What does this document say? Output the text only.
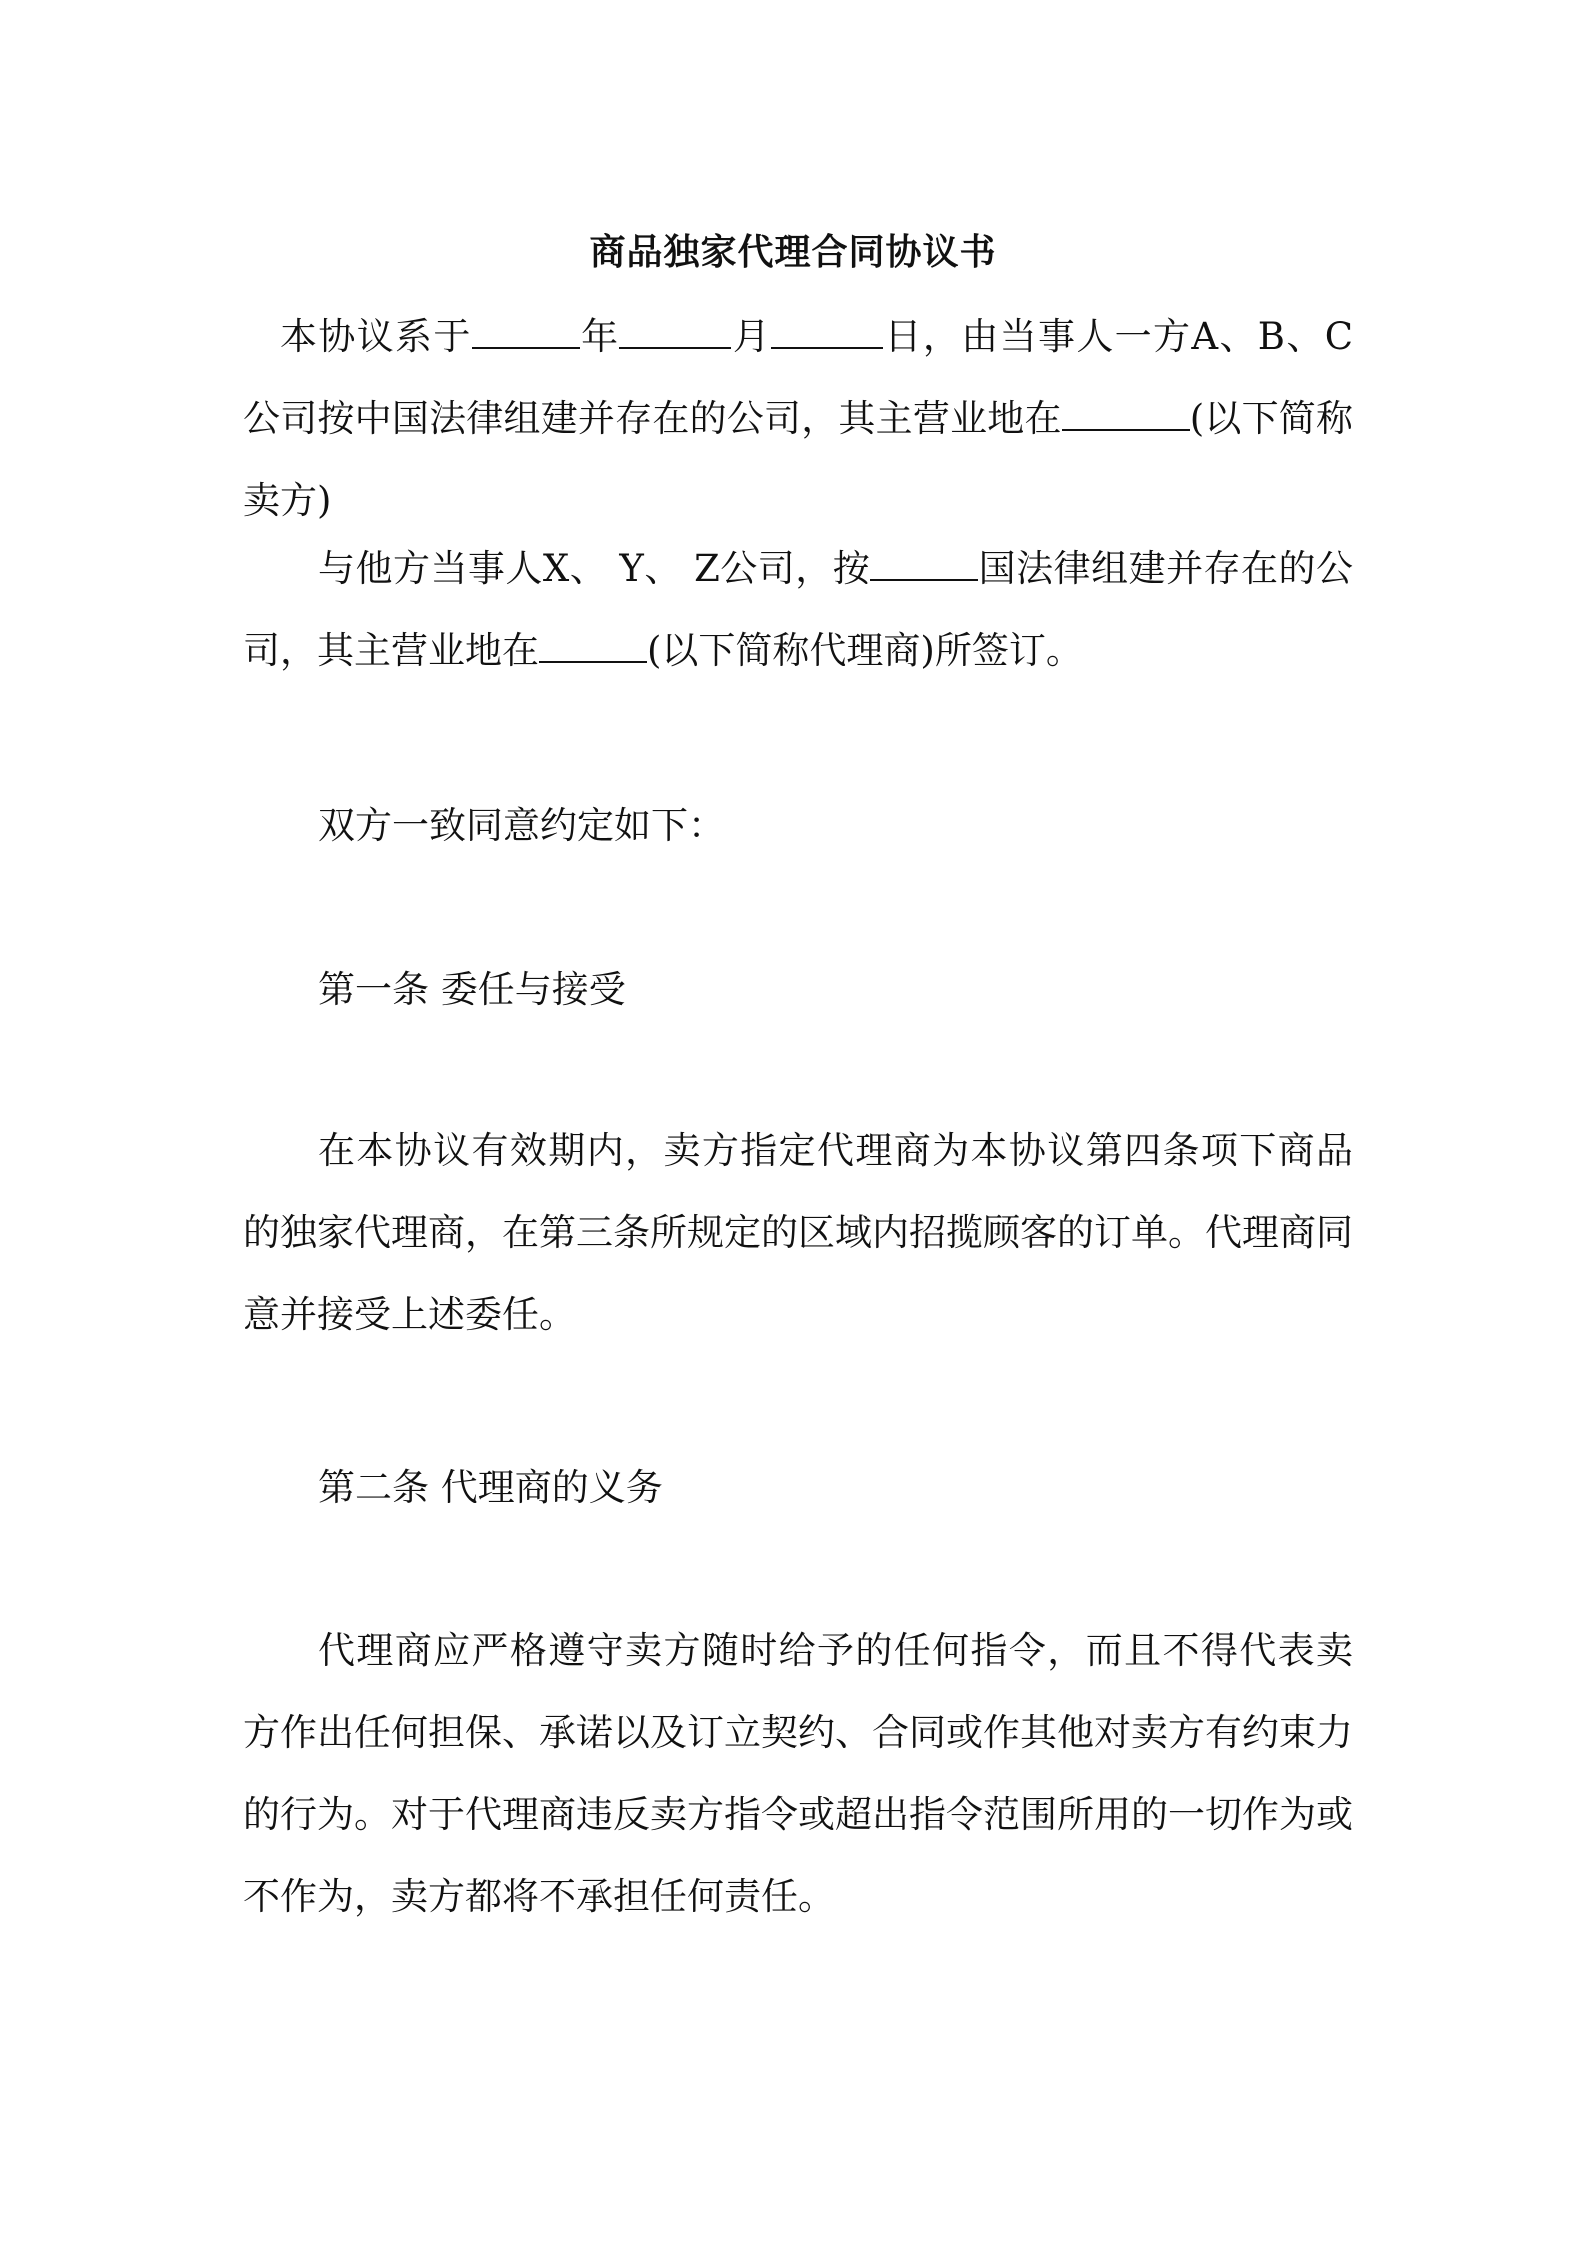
商品独家代理合同协议书

本协议系于	年	月	日，由当事人一方A、B、C公司按中国法律组建并存在的公司，其主营业地在	(以下简称卖方)

与他方当事人X、 Y、 Z公司，按	国法律组建并存在的公司，其主营业地在	(以下简称代理商)所签订。

双方一致同意约定如下：

第一条 委任与接受

在本协议有效期内，卖方指定代理商为本协议第四条项下商品的独家代理商，在第三条所规定的区域内招揽顾客的订单。代理商同意并接受上述委任。

第二条 代理商的义务

代理商应严格遵守卖方随时给予的任何指令，而且不得代表卖方作出任何担保、承诺以及订立契约、合同或作其他对卖方有约束力的行为。对于代理商违反卖方指令或超出指令范围所用的一切作为或不作为，卖方都将不承担任何责任。
